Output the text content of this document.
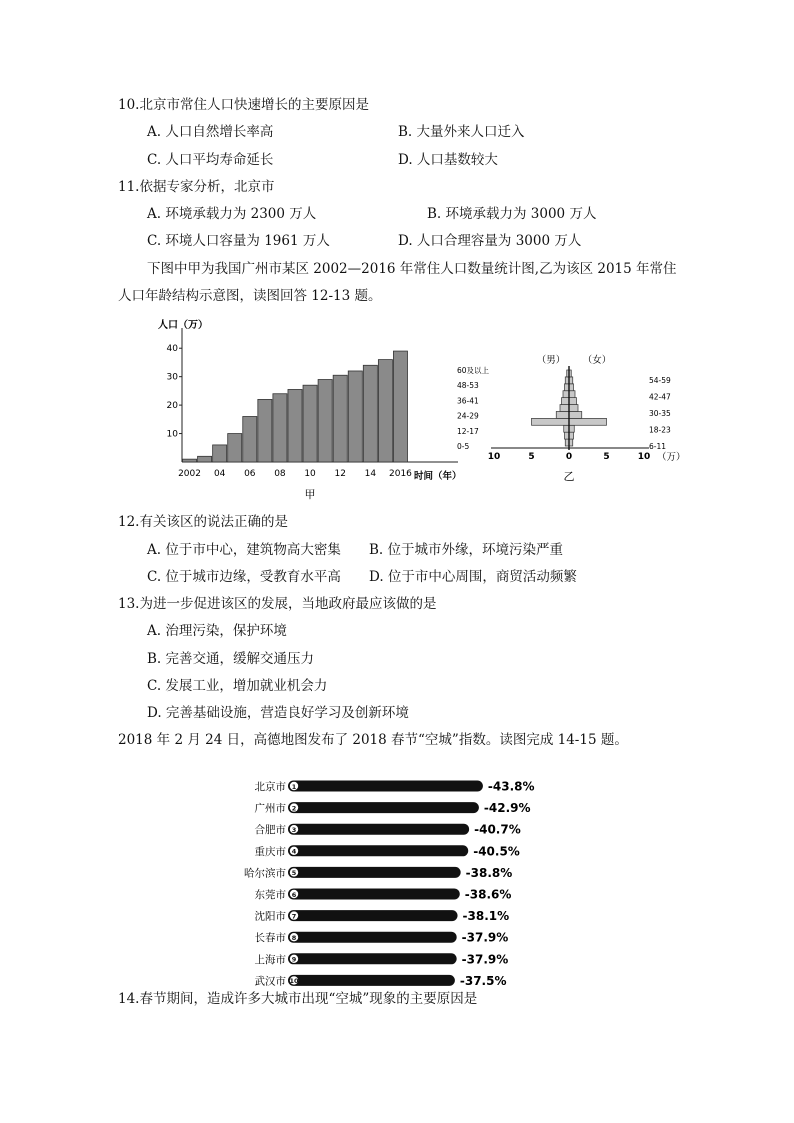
10.北京市常住人口快速增长的主要原因是
A. 人口自然增长率高	B. 大量外来人口迁入
C. 人口平均寿命延长	D. 人口基数较大
11.依据专家分析，北京市
A. 环境承载力为 2300 万人	B. 环境承载力为 3000 万人
C. 环境人口容量为 1961 万人	D. 人口合理容量为 3000 万人
下图中甲为我国广州市某区 2002—2016 年常住人口数量统计图,乙为该区 2015 年常住
人口年龄结构示意图，读图回答 12-13 题。
人口（万）
时间（年）
甲
10
20
30
40
2002 04 06 08 10 12 14 2016
（男） （女）
（万）
乙
10	5	0	5	10
60及以上
48-53
36-41
24-29
12-17
0-5
54-59
42-47
30-35
18-23
6-11
12.有关该区的说法正确的是
A. 位于市中心，建筑物高大密集 B. 位于城市外缘，环境污染严重
C. 位于城市边缘，受教育水平高 D. 位于市中心周围，商贸活动频繁
13.为进一步促进该区的发展，当地政府最应该做的是
A. 治理污染，保护环境
B. 完善交通，缓解交通压力
C. 发展工业，增加就业机会力
D. 完善基础设施，营造良好学习及创新环境
2018 年 2 月 24 日，高德地图发布了 2018 春节“空城”指数。读图完成 14-15 题。
北京市 1	-43.8%
广州市 2	-42.9%
合肥市 3	-40.7%
重庆市 4	-40.5%
哈尔滨市 5	-38.8%
东莞市 6	-38.6%
沈阳市 7	-38.1%
长春市 8	-37.9%
上海市 9	-37.9%
武汉市 10	-37.5%
14.春节期间，造成许多大城市出现“空城”现象的主要原因是
